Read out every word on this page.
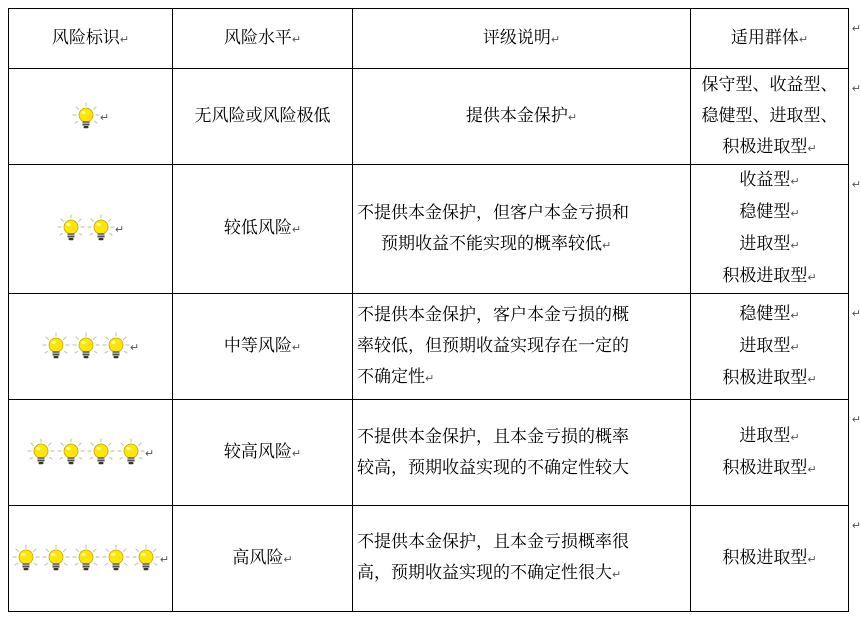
风险标识↵	风险水平↵	评级说明↵	适用群体↵
↵

↵	无风险或风险极低	提供本金保护↵	保守型、收益型、
稳健型、进取型、
积极进取型↵
↵

↵	较低风险↵	不提供本金保护，但客户本金亏损和
预期收益不能实现的概率较低↵	收益型↵
稳健型↵
进取型↵
积极进取型↵
↵

↵	中等风险↵	不提供本金保护，客户本金亏损的概
率较低，但预期收益实现存在一定的
不确定性↵	稳健型↵
进取型↵
积极进取型↵
↵

↵	较高风险↵	不提供本金保护，且本金亏损的概率
较高，预期收益实现的不确定性较大	进取型↵
积极进取型↵
↵

↵	高风险↵	不提供本金保护，且本金亏损概率很
高，预期收益实现的不确定性很大↵	积极进取型↵
↵
